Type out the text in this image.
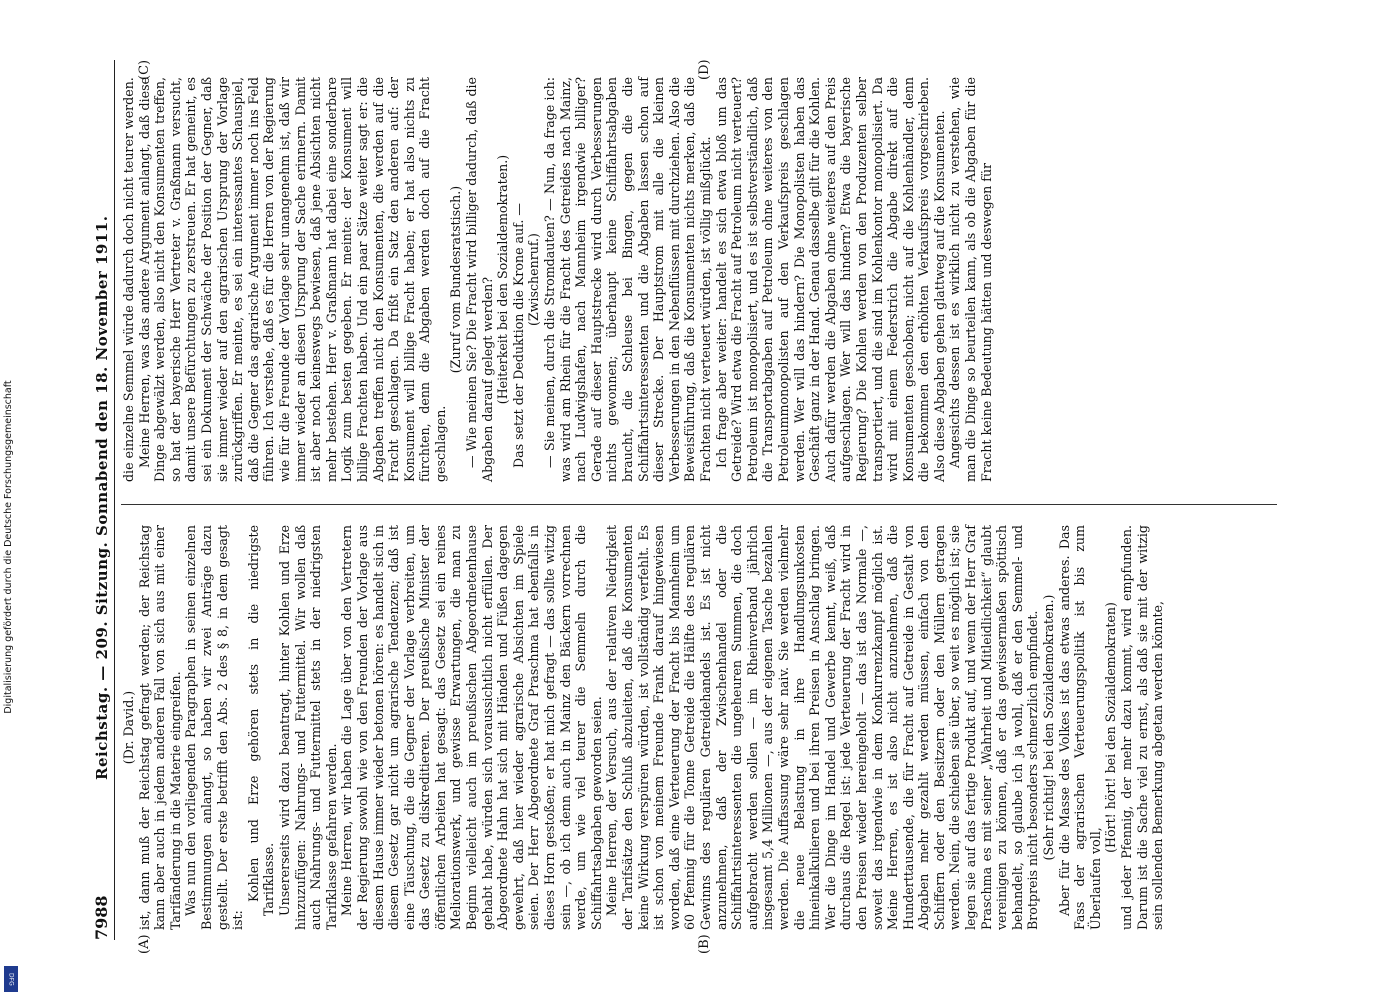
7988
Reichstag. — 209. Sitzung. Sonnabend den 18. November 1911.
(A)	(B)
(C)	(D)

(Dr. David.) ist, dann muß der Reichstag gefragt werden; der Reichstag kann aber auch in jedem anderen Fall von sich aus mit einer Tarifänderung in die Materie eingreifen. Was nun den vorliegenden Paragraphen in seinen einzelnen Bestimmungen anlangt, so haben wir zwei Anträge dazu gestellt. Der erste betrifft den Abs. 2 des § 8, in dem gesagt ist:

Kohlen und Erze gehören stets in die niedrigste Tarifklasse. Unsererseits wird dazu beantragt, hinter Kohlen und Erze hinzuzufügen: Nahrungs- und Futtermittel. Wir wollen daß auch Nahrungs- und Futtermittel stets in der niedrigsten Tarifklasse gefahren werden. Meine Herren, wir haben die Lage über von den Vertretern der Regierung sowohl wie von den Freunden der Vorlage aus diesem Hause immer wieder betonen hören: es handelt sich in diesem Gesetz gar nicht um agrarische Tendenzen; daß ist eine Täuschung, die die Gegner der Vorlage verbreiten, um das Gesetz zu diskreditieren. Der preußische Minister der öffentlichen Arbeiten hat gesagt: das Gesetz sei ein reines Meliorationswerk, und gewisse Erwartungen, die man zu Beginn vielleicht auch im preußischen Abgeordnetenhause gehabt habe, würden sich voraussichtlich nicht erfüllen. Der Abgeordnete Hahn hat sich mit Händen und Füßen dagegen gewehrt, daß hier wieder agrarische Absichten im Spiele seien. Der Herr Abgeordnete Graf Praschma hat ebenfalls in dieses Horn gestoßen; er hat mich gefragt — das sollte witzig sein —, ob ich denn auch in Mainz den Bäckern vorrechnen werde, um wie viel teurer die Semmeln durch die Schiffahrtsabgaben geworden seien. Meine Herren, der Versuch, aus der relativen Niedrigkeit der Tarifsätze den Schluß abzuleiten, daß die Konsumenten keine Wirkung verspüren würden, ist vollständig verfehlt. Es ist schon von meinem Freunde Frank darauf hingewiesen worden, daß eine Verteuerung der Fracht bis Mannheim um 60 Pfennig für die Tonne Getreide die Hälfte des regulären Gewinns des regulären Getreidehandels ist. Es ist nicht anzunehmen, daß der Zwischenhandel oder die Schiffahrtsinteressenten die ungeheuren Summen, die doch aufgebracht werden sollen — im Rheinverband jährlich insgesamt 5,4 Millionen —, aus der eigenen Tasche bezahlen werden. Die Auffassung wäre sehr naiv. Sie werden vielmehr die neue Belastung in ihre Handlungsunkosten hineinkalkulieren und bei ihren Preisen in Anschlag bringen. Wer die Dinge im Handel und Gewerbe kennt, weiß, daß durchaus die Regel ist: jede Verteuerung der Fracht wird in den Preisen wieder hereingeholt — das ist das Normale —, soweit das irgendwie in dem Konkurrenzkampf möglich ist. Meine Herren, es ist also nicht anzunehmen, daß die Hunderttausende, die für Fracht auf Getreide in Gestalt von Abgaben mehr gezahlt werden müssen, einfach von den Schiffern oder den Besitzern oder den Müllern getragen werden. Nein, die schieben sie über, so weit es möglich ist; sie legen sie auf das fertige Produkt auf, und wenn der Herr Graf Praschma es mit seiner „Wahrheit und Mitleidlichkeit“ glaubt vereinigen zu können, daß er das gewissermaßen spöttisch behandelt, so glaube ich ja wohl, daß er den Semmel- und Brotpreis nicht besonders schmerzlich empfindet. (Sehr richtig! bei den Sozialdemokraten.) Aber für die Masse des Volkes ist das etwas anderes. Das Fass der agrarischen Verteuerungspolitik ist bis zum Überlaufen voll,

(Hört! hört! bei den Sozialdemokraten) und jeder Pfennig, der mehr dazu kommt, wird empfunden. Darum ist die Sache viel zu ernst, als daß sie mit der witzig sein sollenden Bemerkung abgetan werden könnte,

die einzelne Semmel würde dadurch doch nicht teurer werden. Meine Herren, was das andere Argument anlangt, daß diese Dinge abgewälzt werden, also nicht den Konsumenten treffen, so hat der bayerische Herr Vertreter v. Graßmann versucht, damit unsere Befürchtungen zu zerstreuen. Er hat gemeint, es sei ein Dokument der Schwäche der Position der Gegner, daß sie immer wieder auf den agrarischen Ursprung der Vorlage zurückgriffen. Er meinte, es sei ein interessantes Schauspiel, daß die Gegner das agrarische Argument immer noch ins Feld führen. Ich verstehe, daß es für die Herren von der Regierung wie für die Freunde der Vorlage sehr unangenehm ist, daß wir immer wieder an diesen Ursprung der Sache erinnern. Damit ist aber noch keineswegs bewiesen, daß jene Absichten nicht mehr bestehen. Herr v. Graßmann hat dabei eine sonderbare Logik zum besten gegeben. Er meinte: der Konsument will billige Frachten haben. Und ein paar Sätze weiter sagt er: die Abgaben treffen nicht den Konsumenten, die werden auf die Fracht geschlagen. Da frißt ein Satz den anderen auf: der Konsument will billige Fracht haben; er hat also nichts zu fürchten, denn die Abgaben werden doch auf die Fracht geschlagen.

(Zuruf vom Bundesratstisch.) — Wie meinen Sie? Die Fracht wird billiger dadurch, daß die Abgaben darauf gelegt werden? (Heiterkeit bei den Sozialdemokraten.) Das setzt der Deduktion die Krone auf. — (Zwischenruf.) — Sie meinen, durch die Stromdauten? — Nun, da frage ich: was wird am Rhein für die Fracht des Getreides nach Mainz, nach Ludwigshafen, nach Mannheim irgendwie billiger? Gerade auf dieser Hauptstrecke wird durch Verbesserungen nichts gewonnen; überhaupt keine Schiffahrtsabgaben braucht, die Schleuse bei Bingen, gegen die die Schiffahrtsinteressenten und die Abgaben lassen schon auf dieser Strecke. Der Hauptstrom mit alle die kleinen Verbesserungen in den Nebenflüssen mit durchziehen. Also die Beweisführung, daß die Konsumenten nichts merken, daß die Frachten nicht verteuert würden, ist völlig mißglückt. Ich frage aber weiter: handelt es sich etwa bloß um das Getreide? Wird etwa die Fracht auf Petroleum nicht verteuert? Petroleum ist monopolisiert, und es ist selbstverständlich, daß die Transportabgaben auf Petroleum ohne weiteres von den Petroleummonopolisten auf den Verkaufspreis geschlagen werden. Wer will das hindern? Die Monopolisten haben das Geschäft ganz in der Hand. Genau dasselbe gilt für die Kohlen. Auch dafür werden die Abgaben ohne weiteres auf den Preis aufgeschlagen. Wer will das hindern? Etwa die bayerische Regierung? Die Kohlen werden von den Produzenten selber transportiert, und die sind im Kohlenkontor monopolisiert. Da wird mit einem Federstrich die Abgabe direkt auf die Konsumenten geschoben; nicht auf die Kohlenhändler, denn die bekommen den erhöhten Verkaufspreis vorgeschrieben. Also diese Abgaben gehen glattweg auf die Konsumenten. Angesichts dessen ist es wirklich nicht zu verstehen, wie man die Dinge so beurteilen kann, als ob die Abgaben für die Fracht keine Bedeutung hätten und deswegen für

Digitalisierung gefördert durch die Deutsche Forschungsgemeinschaft
DFG
